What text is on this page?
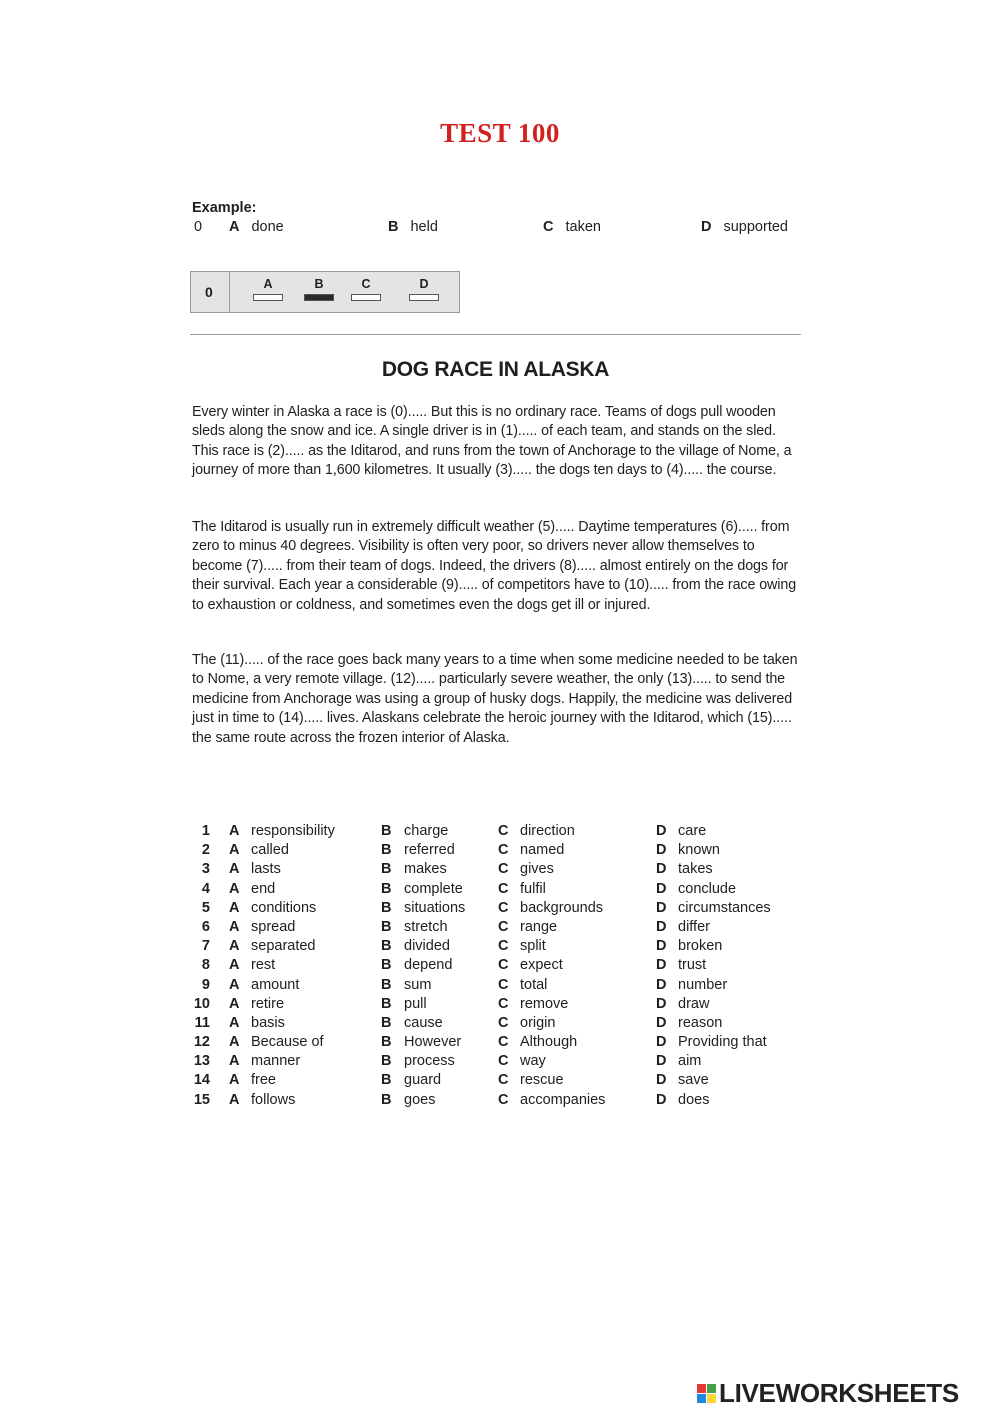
TEST 100
Example:
0 A done	B held	C taken	D supported
0	A	B	C	D
DOG RACE IN ALASKA

Every winter in Alaska a race is (0)..... But this is no ordinary race. Teams of dogs pull wooden sleds along the snow and ice. A single driver is in (1)..... of each team, and stands on the sled. This race is (2)..... as the Iditarod, and runs from the town of Anchorage to the village of Nome, a journey of more than 1,600 kilometres. It usually (3)..... the dogs ten days to (4)..... the course.

The Iditarod is usually run in extremely difficult weather (5)..... Daytime temperatures (6)..... from zero to minus 40 degrees. Visibility is often very poor, so drivers never allow themselves to become (7)..... from their team of dogs. Indeed, the drivers (8)..... almost entirely on the dogs for their survival. Each year a considerable (9)..... of competitors have to (10)..... from the race owing to exhaustion or coldness, and sometimes even the dogs get ill or injured.

The (11)..... of the race goes back many years to a time when some medicine needed to be taken to Nome, a very remote village. (12)..... particularly severe weather, the only (13)..... to send the medicine from Anchorage was using a group of husky dogs. Happily, the medicine was delivered just in time to (14)..... lives. Alaskans celebrate the heroic journey with the Iditarod, which (15)..... the same route across the frozen interior of Alaska.

1 A responsibility	B charge	C direction	D care
2 A called	B referred	C named	D known
3 A lasts	B makes	C gives	D takes
4 A end	B complete C fulfil	D conclude
5 A conditions	B situations C backgrounds	D circumstances
6 A spread	B stretch	C range	D differ
7 A separated	B divided	C split	D broken
8 A rest	B depend	C expect	D trust
9 A amount	B sum	C total	D number
10 A retire	B pull	C remove	D draw
11 A basis	B cause	C origin	D reason
12 A Because of	B However	C Although	D Providing that
13 A manner	B process	C way	D aim
14 A free	B guard	C rescue	D save
15 A follows	B goes	C accompanies	D does
LIVEWORKSHEETS
